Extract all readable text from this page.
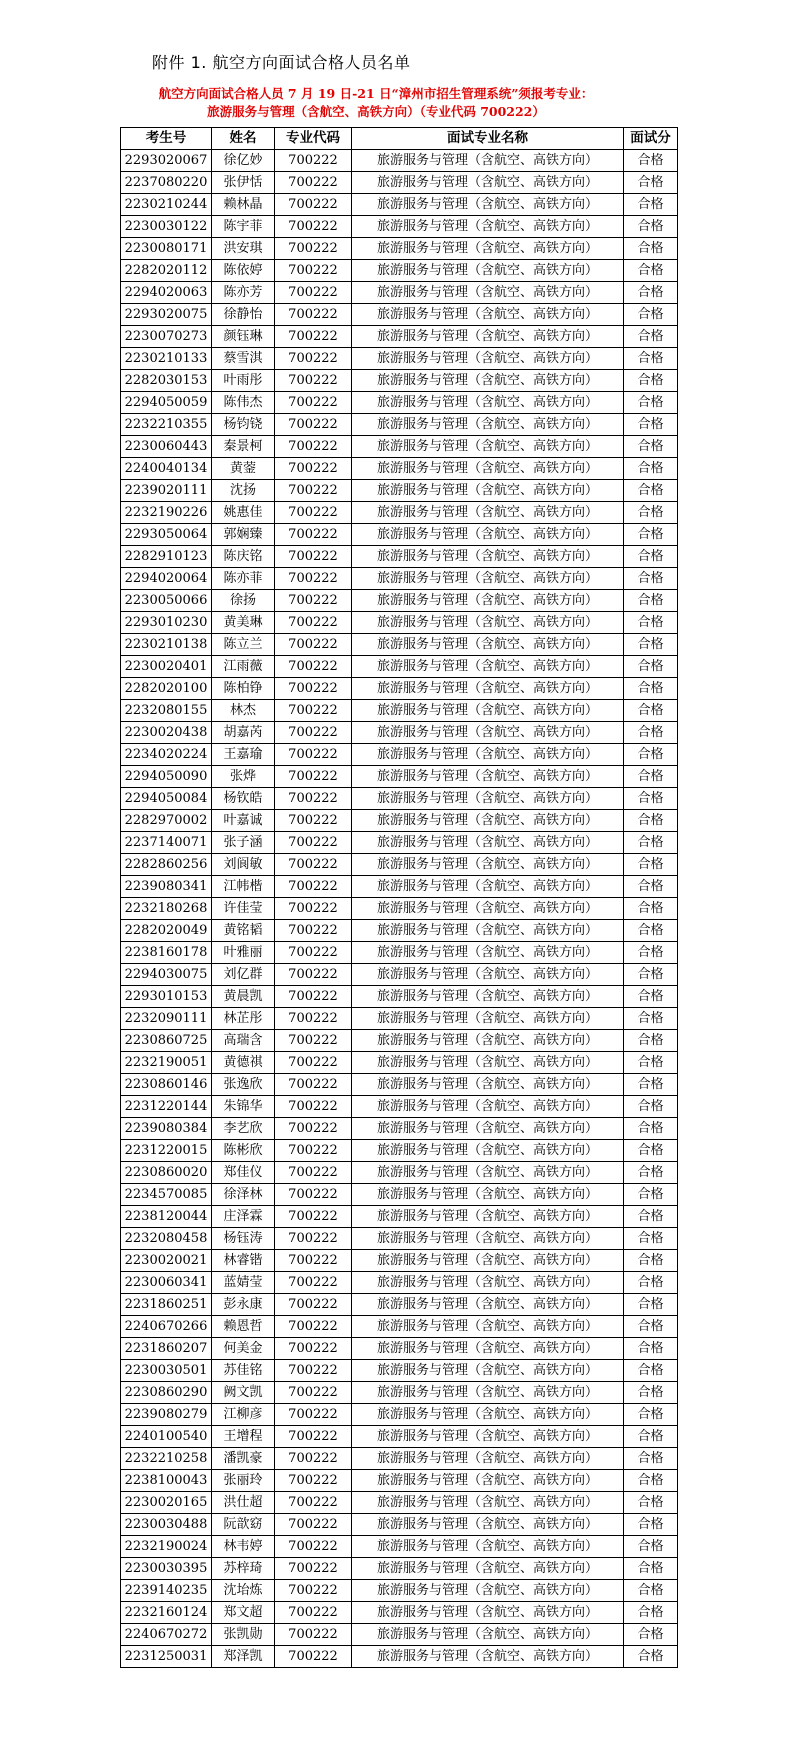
附件 1. 航空方向面试合格人员名单
航空方向面试合格人员 7 月 19 日-21 日“漳州市招生管理系统”须报考专业：
旅游服务与管理（含航空、高铁方向）（专业代码 700222）
考生号	姓名	专业代码	面试专业名称	面试分
2293020067	徐亿妙	700222	旅游服务与管理（含航空、高铁方向）	合格
2237080220	张伊恬	700222	旅游服务与管理（含航空、高铁方向）	合格
2230210244	赖林晶	700222	旅游服务与管理（含航空、高铁方向）	合格
2230030122	陈宇菲	700222	旅游服务与管理（含航空、高铁方向）	合格
2230080171	洪安琪	700222	旅游服务与管理（含航空、高铁方向）	合格
2282020112	陈依婷	700222	旅游服务与管理（含航空、高铁方向）	合格
2294020063	陈亦芳	700222	旅游服务与管理（含航空、高铁方向）	合格
2293020075	徐静怡	700222	旅游服务与管理（含航空、高铁方向）	合格
2230070273	颜钰琳	700222	旅游服务与管理（含航空、高铁方向）	合格
2230210133	蔡雪淇	700222	旅游服务与管理（含航空、高铁方向）	合格
2282030153	叶雨彤	700222	旅游服务与管理（含航空、高铁方向）	合格
2294050059	陈伟杰	700222	旅游服务与管理（含航空、高铁方向）	合格
2232210355	杨钧铙	700222	旅游服务与管理（含航空、高铁方向）	合格
2230060443	秦景柯	700222	旅游服务与管理（含航空、高铁方向）	合格
2240040134	黄蓥	700222	旅游服务与管理（含航空、高铁方向）	合格
2239020111	沈扬	700222	旅游服务与管理（含航空、高铁方向）	合格
2232190226	姚惠佳	700222	旅游服务与管理（含航空、高铁方向）	合格
2293050064	郭娴臻	700222	旅游服务与管理（含航空、高铁方向）	合格
2282910123	陈庆铭	700222	旅游服务与管理（含航空、高铁方向）	合格
2294020064	陈亦菲	700222	旅游服务与管理（含航空、高铁方向）	合格
2230050066	徐扬	700222	旅游服务与管理（含航空、高铁方向）	合格
2293010230	黄美琳	700222	旅游服务与管理（含航空、高铁方向）	合格
2230210138	陈立兰	700222	旅游服务与管理（含航空、高铁方向）	合格
2230020401	江雨薇	700222	旅游服务与管理（含航空、高铁方向）	合格
2282020100	陈柏铮	700222	旅游服务与管理（含航空、高铁方向）	合格
2232080155	林杰	700222	旅游服务与管理（含航空、高铁方向）	合格
2230020438	胡嘉芮	700222	旅游服务与管理（含航空、高铁方向）	合格
2234020224	王嘉瑜	700222	旅游服务与管理（含航空、高铁方向）	合格
2294050090	张烨	700222	旅游服务与管理（含航空、高铁方向）	合格
2294050084	杨钦皓	700222	旅游服务与管理（含航空、高铁方向）	合格
2282970002	叶嘉诚	700222	旅游服务与管理（含航空、高铁方向）	合格
2237140071	张子涵	700222	旅游服务与管理（含航空、高铁方向）	合格
2282860256	刘阆敏	700222	旅游服务与管理（含航空、高铁方向）	合格
2239080341	江帏楷	700222	旅游服务与管理（含航空、高铁方向）	合格
2232180268	许佳莹	700222	旅游服务与管理（含航空、高铁方向）	合格
2282020049	黄铭韬	700222	旅游服务与管理（含航空、高铁方向）	合格
2238160178	叶雅丽	700222	旅游服务与管理（含航空、高铁方向）	合格
2294030075	刘亿群	700222	旅游服务与管理（含航空、高铁方向）	合格
2293010153	黄晨凯	700222	旅游服务与管理（含航空、高铁方向）	合格
2232090111	林芷彤	700222	旅游服务与管理（含航空、高铁方向）	合格
2230860725	高瑞含	700222	旅游服务与管理（含航空、高铁方向）	合格
2232190051	黄德祺	700222	旅游服务与管理（含航空、高铁方向）	合格
2230860146	张逸欣	700222	旅游服务与管理（含航空、高铁方向）	合格
2231220144	朱锦华	700222	旅游服务与管理（含航空、高铁方向）	合格
2239080384	李艺欣	700222	旅游服务与管理（含航空、高铁方向）	合格
2231220015	陈彬欣	700222	旅游服务与管理（含航空、高铁方向）	合格
2230860020	郑佳仪	700222	旅游服务与管理（含航空、高铁方向）	合格
2234570085	徐泽林	700222	旅游服务与管理（含航空、高铁方向）	合格
2238120044	庄泽霖	700222	旅游服务与管理（含航空、高铁方向）	合格
2232080458	杨钰涛	700222	旅游服务与管理（含航空、高铁方向）	合格
2230020021	林睿锴	700222	旅游服务与管理（含航空、高铁方向）	合格
2230060341	蓝婧莹	700222	旅游服务与管理（含航空、高铁方向）	合格
2231860251	彭永康	700222	旅游服务与管理（含航空、高铁方向）	合格
2240670266	赖恩哲	700222	旅游服务与管理（含航空、高铁方向）	合格
2231860207	何美金	700222	旅游服务与管理（含航空、高铁方向）	合格
2230030501	苏佳铭	700222	旅游服务与管理（含航空、高铁方向）	合格
2230860290	阙文凯	700222	旅游服务与管理（含航空、高铁方向）	合格
2239080279	江柳彦	700222	旅游服务与管理（含航空、高铁方向）	合格
2240100540	王增程	700222	旅游服务与管理（含航空、高铁方向）	合格
2232210258	潘凯豪	700222	旅游服务与管理（含航空、高铁方向）	合格
2238100043	张丽玲	700222	旅游服务与管理（含航空、高铁方向）	合格
2230020165	洪仕超	700222	旅游服务与管理（含航空、高铁方向）	合格
2230030488	阮歆窈	700222	旅游服务与管理（含航空、高铁方向）	合格
2232190024	林韦婷	700222	旅游服务与管理（含航空、高铁方向）	合格
2230030395	苏梓琦	700222	旅游服务与管理（含航空、高铁方向）	合格
2239140235	沈坮炼	700222	旅游服务与管理（含航空、高铁方向）	合格
2232160124	郑文超	700222	旅游服务与管理（含航空、高铁方向）	合格
2240670272	张凯勋	700222	旅游服务与管理（含航空、高铁方向）	合格
2231250031	郑泽凯	700222	旅游服务与管理（含航空、高铁方向）	合格
